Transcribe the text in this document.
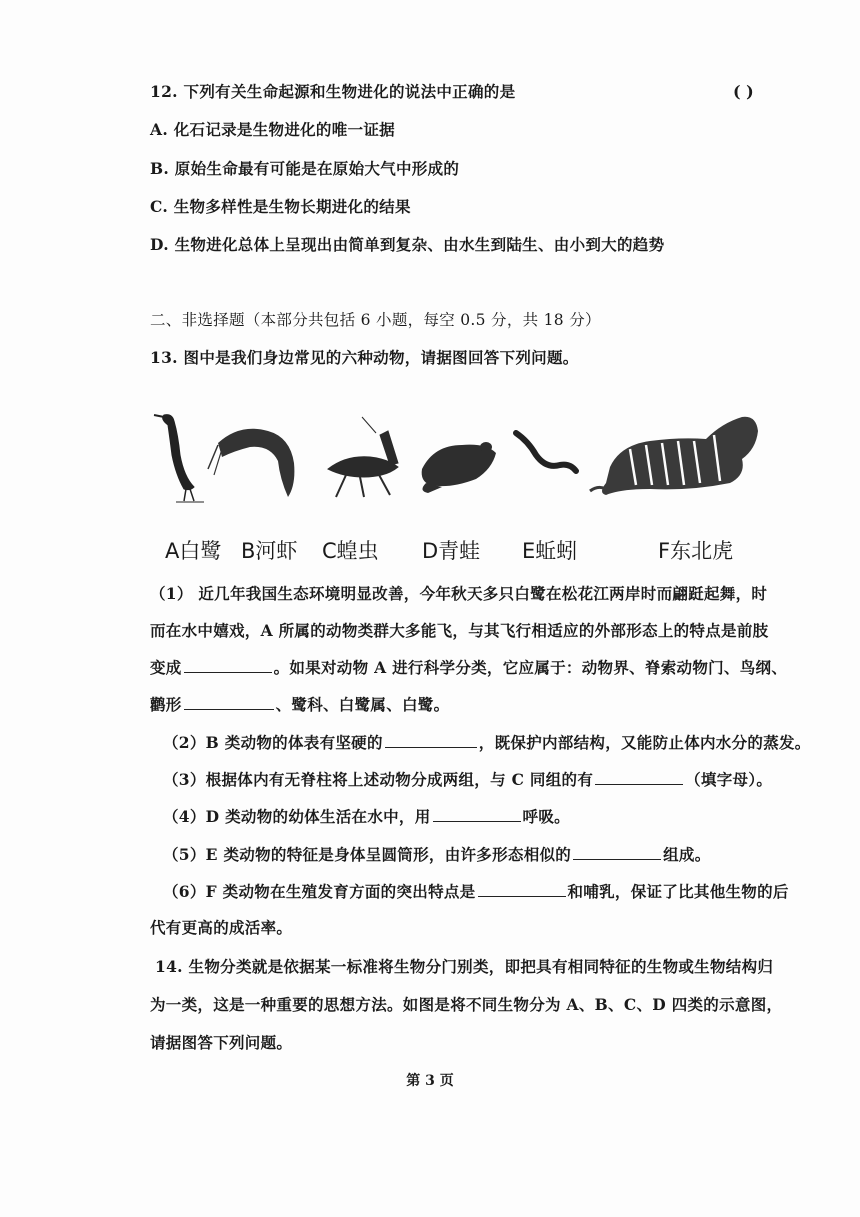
12. 下列有关生命起源和生物进化的说法中正确的是	( )
A. 化石记录是生物进化的唯一证据
B. 原始生命最有可能是在原始大气中形成的
C. 生物多样性是生物长期进化的结果
D. 生物进化总体上呈现出由简单到复杂、由水生到陆生、由小到大的趋势
二、非选择题（本部分共包括 6 小题，每空 0.5 分，共 18 分）
13. 图中是我们身边常见的六种动物，请据图回答下列问题。
A白鹭 B河虾 C蝗虫 D青蛙 E蚯蚓	F东北虎
（1） 近几年我国生态环境明显改善，今年秋天多只白鹭在松花江两岸时而翩跹起舞，时
而在水中嬉戏，A 所属的动物类群大多能飞，与其飞行相适应的外部形态上的特点是前肢
变成	。如果对动物 A 进行科学分类，它应属于：动物界、脊索动物门、鸟纲、
鹳形	、鹭科、白鹭属、白鹭。
（2）B 类动物的体表有坚硬的	，既保护内部结构，又能防止体内水分的蒸发。
（3）根据体内有无脊柱将上述动物分成两组，与 C 同组的有	（填字母）。
（4）D 类动物的幼体生活在水中，用	呼吸。
（5）E 类动物的特征是身体呈圆筒形，由许多形态相似的	组成。
（6）F 类动物在生殖发育方面的突出特点是	和哺乳，保证了比其他生物的后
代有更高的成活率。
14. 生物分类就是依据某一标准将生物分门别类，即把具有相同特征的生物或生物结构归
为一类，这是一种重要的思想方法。如图是将不同生物分为 A、B、C、D 四类的示意图，
请据图答下列问题。
第 3 页
